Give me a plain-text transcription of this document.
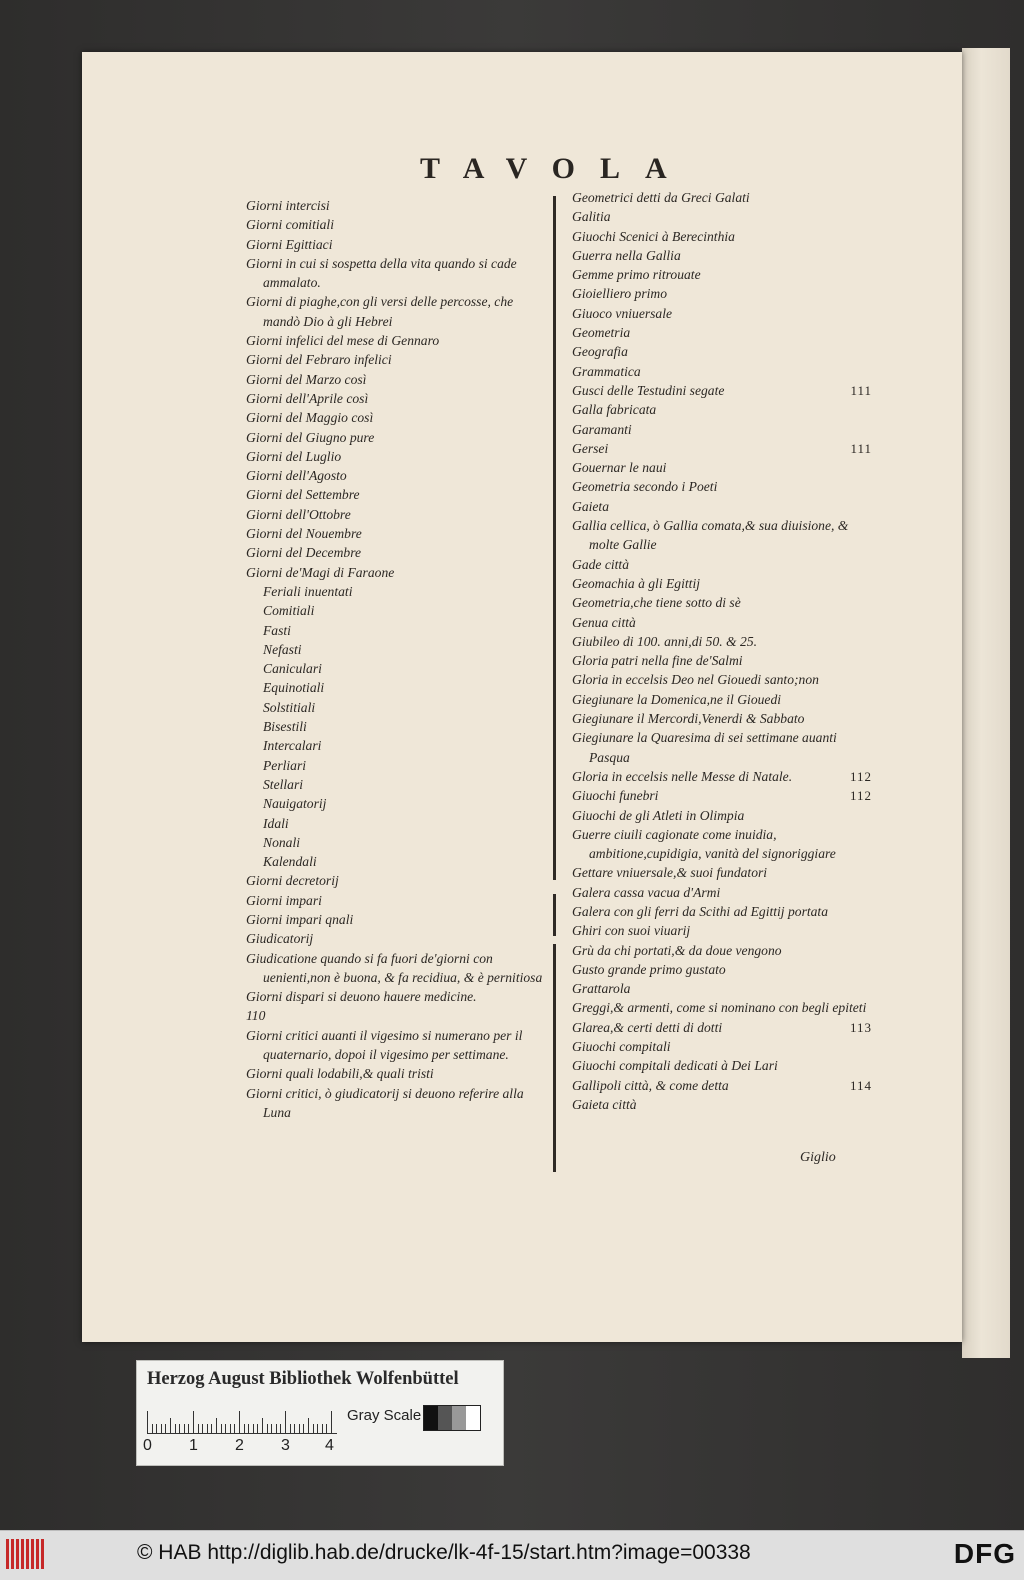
TAVOLA
Giorni intercisi
Giorni comitiali
Giorni Egittiaci
Giorni in cui si sospetta della vita quando si cade ammalato.
Giorni di piaghe,con gli versi delle percosse, che mandò Dio à gli Hebrei
Giorni infelici del mese di Gennaro
Giorni del Febraro infelici
Giorni del Marzo così
Giorni dell'Aprile così
Giorni del Maggio così
Giorni del Giugno pure
Giorni del Luglio
Giorni dell'Agosto
Giorni del Settembre
Giorni dell'Ottobre
Giorni del Nouembre
Giorni del Decembre
Giorni de'Magi di Faraone
Feriali inuentati
Comitiali
Fasti
Nefasti
Caniculari
Equinotiali
Solstitiali
Bisestili
Intercalari
Perliari
Stellari
Nauigatorij
Idali
Nonali
Kalendali
Giorni decretorij
Giorni impari
Giorni impari qnali
Giudicatorij
Giudicatione quando si fa fuori de'giorni con uenienti,non è buona, & fa recidiua, & è pernitiosa
Giorni dispari si deuono hauere medicine.
110
Giorni critici auanti il vigesimo si numerano per il quaternario, dopoi il vigesimo per settimane.
Giorni quali lodabili,& quali tristi
Giorni critici, ò giudicatorij si deuono referire alla Luna
Geometrici detti da Greci Galati
Galitia
Giuochi Scenici à Berecinthia
Guerra nella Gallia
Gemme primo ritrouate
Gioielliero primo
Giuoco vniuersale
Geometria
Geografia
Grammatica
Gusci delle Testudini segate	111
Galla fabricata
Garamanti
Gersei	111
Gouernar le naui
Geometria secondo i Poeti
Gaieta
Gallia cellica, ò Gallia comata,& sua diuisione, & molte Gallie
Gade città
Geomachia à gli Egittij
Geometria,che tiene sotto di sè
Genua città
Giubileo di 100. anni,di 50. & 25.
Gloria patri nella fine de'Salmi
Gloria in eccelsis Deo nel Giouedi santo;non
Giegiunare la Domenica,ne il Giouedi
Giegiunare il Mercordi,Venerdi & Sabbato
Giegiunare la Quaresima di sei settimane auanti Pasqua
Gloria in eccelsis nelle Messe di Natale.	112
Giuochi funebri	112
Giuochi de gli Atleti in Olimpia
Guerre ciuili cagionate come inuidia, ambitione,cupidigia, vanità del signoriggiare
Gettare vniuersale,& suoi fundatori
Galera cassa vacua d'Armi
Galera con gli ferri da Scithi ad Egittij portata
Ghiri con suoi viuarij
Grù da chi portati,& da doue vengono
Gusto grande primo gustato
Grattarola
Greggi,& armenti, come si nominano con begli epiteti
Glarea,& certi detti di dotti	113
Giuochi compitali
Giuochi compitali dedicati à Dei Lari
Gallipoli città, & come detta	114
Gaieta città
Giglio
Herzog August Bibliothek Wolfenbüttel
0 1 2 3 4
Gray Scale
© HAB http://diglib.hab.de/drucke/lk-4f-15/start.htm?image=00338	DFG
